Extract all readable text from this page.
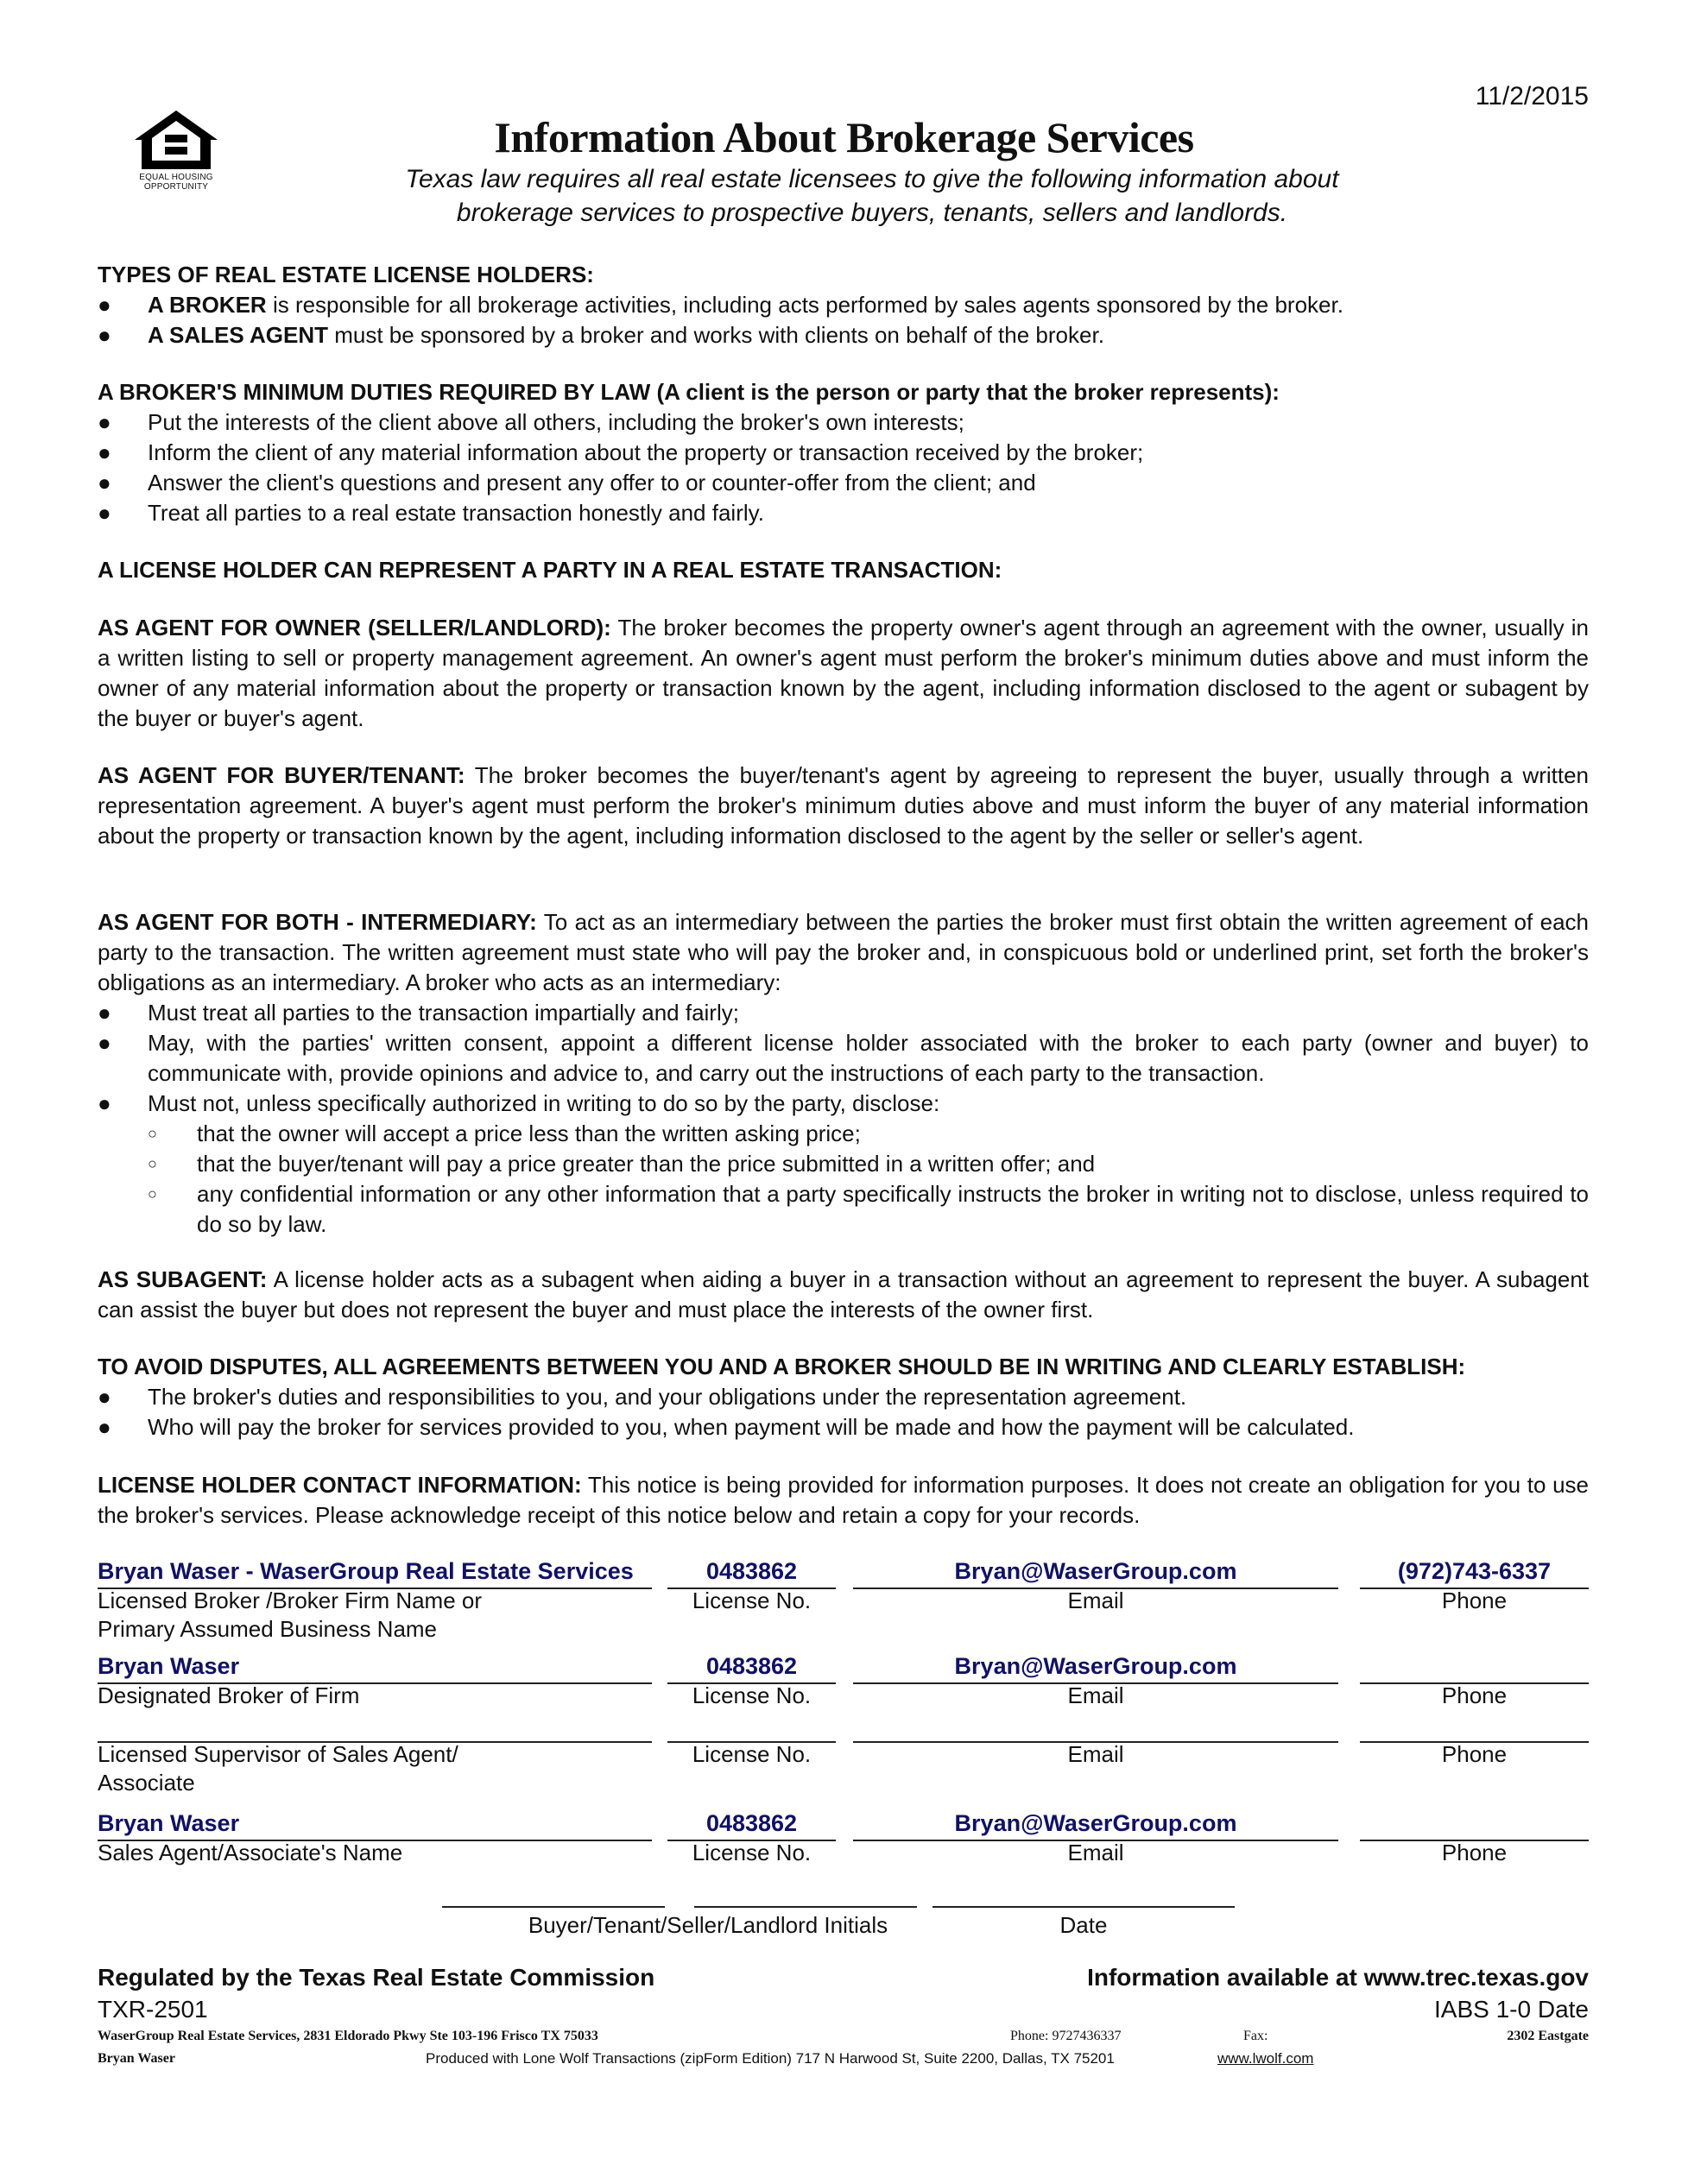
11/2/2015
EQUAL HOUSING
OPPORTUNITY
Information About Brokerage Services
Texas law requires all real estate licensees to give the following information about
brokerage services to prospective buyers, tenants, sellers and landlords.

TYPES OF REAL ESTATE LICENSE HOLDERS:

● A BROKER is responsible for all brokerage activities, including acts performed by sales agents sponsored by the broker.
● A SALES AGENT must be sponsored by a broker and works with clients on behalf of the broker.

A BROKER'S MINIMUM DUTIES REQUIRED BY LAW (A client is the person or party that the broker represents):

● Put the interests of the client above all others, including the broker's own interests;
● Inform the client of any material information about the property or transaction received by the broker;
● Answer the client's questions and present any offer to or counter-offer from the client; and
● Treat all parties to a real estate transaction honestly and fairly.

A LICENSE HOLDER CAN REPRESENT A PARTY IN A REAL ESTATE TRANSACTION:

AS AGENT FOR OWNER (SELLER/LANDLORD): The broker becomes the property owner's agent through an agreement with the owner, usually in a written listing to sell or property management agreement. An owner's agent must perform the broker's minimum duties above and must inform the owner of any material information about the property or transaction known by the agent, including information disclosed to the agent or subagent by the buyer or buyer's agent.

AS AGENT FOR BUYER/TENANT: The broker becomes the buyer/tenant's agent by agreeing to represent the buyer, usually through a written representation agreement. A buyer's agent must perform the broker's minimum duties above and must inform the buyer of any material information about the property or transaction known by the agent, including information disclosed to the agent by the seller or seller's agent.

AS AGENT FOR BOTH - INTERMEDIARY: To act as an intermediary between the parties the broker must first obtain the written agreement of each party to the transaction. The written agreement must state who will pay the broker and, in conspicuous bold or underlined print, set forth the broker's obligations as an intermediary. A broker who acts as an intermediary:

● Must treat all parties to the transaction impartially and fairly;
● May, with the parties' written consent, appoint a different license holder associated with the broker to each party (owner and buyer) to communicate with, provide opinions and advice to, and carry out the instructions of each party to the transaction.
● Must not, unless specifically authorized in writing to do so by the party, disclose:
○ that the owner will accept a price less than the written asking price;
○ that the buyer/tenant will pay a price greater than the price submitted in a written offer; and
○ any confidential information or any other information that a party specifically instructs the broker in writing not to disclose, unless required to do so by law.

AS SUBAGENT: A license holder acts as a subagent when aiding a buyer in a transaction without an agreement to represent the buyer. A subagent can assist the buyer but does not represent the buyer and must place the interests of the owner first.

TO AVOID DISPUTES, ALL AGREEMENTS BETWEEN YOU AND A BROKER SHOULD BE IN WRITING AND CLEARLY ESTABLISH:

● The broker's duties and responsibilities to you, and your obligations under the representation agreement.
● Who will pay the broker for services provided to you, when payment will be made and how the payment will be calculated.

LICENSE HOLDER CONTACT INFORMATION: This notice is being provided for information purposes. It does not create an obligation for you to use the broker's services. Please acknowledge receipt of this notice below and retain a copy for your records.

Bryan Waser - WaserGroup Real Estate Services	0483862	Bryan@WaserGroup.com	(972)743-6337
Licensed Broker /Broker Firm Name or
Primary Assumed Business Name
License No.	Email	Phone
Bryan Waser	0483862	Bryan@WaserGroup.com
Designated Broker of Firm	License No.	Email	Phone
Licensed Supervisor of Sales Agent/
Associate
License No.	Email	Phone
Bryan Waser	0483862	Bryan@WaserGroup.com
Sales Agent/Associate's Name	License No.	Email	Phone
Buyer/Tenant/Seller/Landlord Initials	Date
Regulated by the Texas Real Estate Commission	Information available at www.trec.texas.gov
TXR-2501	IABS 1-0 Date
WaserGroup Real Estate Services, 2831 Eldorado Pkwy Ste 103-196 Frisco TX 75033	Phone: 9727436337	Fax:	2302 Eastgate
Bryan Waser	Produced with Lone Wolf Transactions (zipForm Edition) 717 N Harwood St, Suite 2200, Dallas, TX 75201	www.lwolf.com
